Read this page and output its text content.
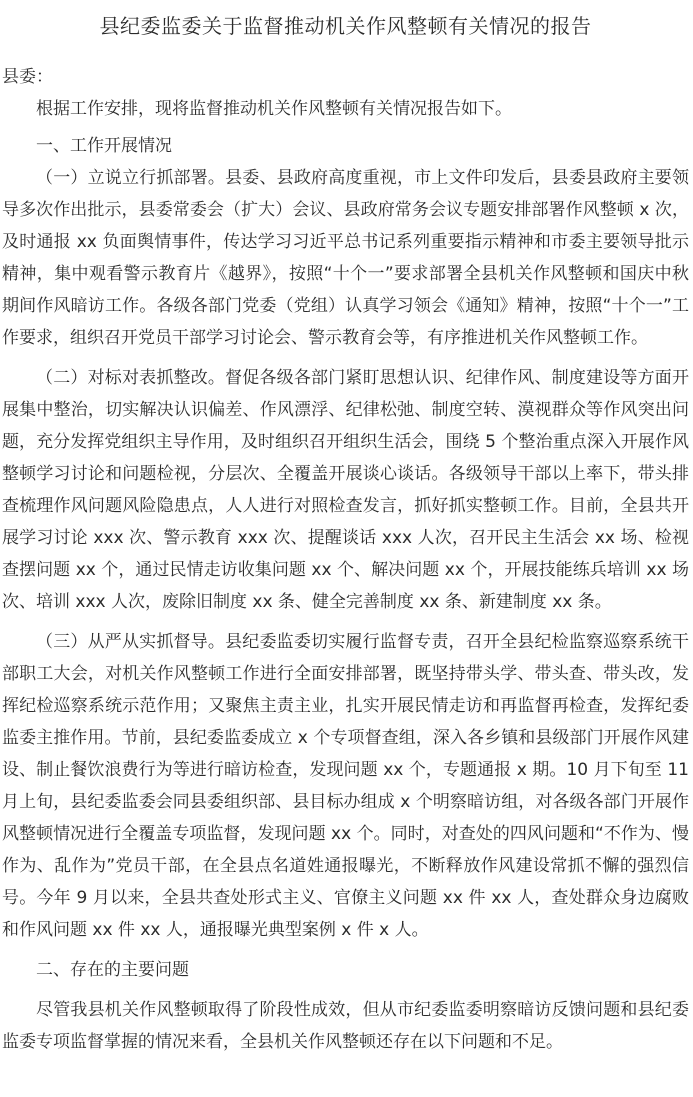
县纪委监委关于监督推动机关作风整顿有关情况的报告
县委：

根据工作安排，现将监督推动机关作风整顿有关情况报告如下。

一、工作开展情况

（一）立说立行抓部署。县委、县政府高度重视，市上文件印发后，县委县政府主要领导多次作出批示，县委常委会（扩大）会议、县政府常务会议专题安排部署作风整顿 x 次，及时通报 xx 负面舆情事件，传达学习习近平总书记系列重要指示精神和市委主要领导批示精神，集中观看警示教育片《越界》，按照“十个一”要求部署全县机关作风整顿和国庆中秋期间作风暗访工作。各级各部门党委（党组）认真学习领会《通知》精神，按照“十个一”工作要求，组织召开党员干部学习讨论会、警示教育会等，有序推进机关作风整顿工作。

（二）对标对表抓整改。督促各级各部门紧盯思想认识、纪律作风、制度建设等方面开展集中整治，切实解决认识偏差、作风漂浮、纪律松弛、制度空转、漠视群众等作风突出问题，充分发挥党组织主导作用，及时组织召开组织生活会，围绕 5 个整治重点深入开展作风整顿学习讨论和问题检视，分层次、全覆盖开展谈心谈话。各级领导干部以上率下，带头排查梳理作风问题风险隐患点，人人进行对照检查发言，抓好抓实整顿工作。目前，全县共开展学习讨论 xxx 次、警示教育 xxx 次、提醒谈话 xxx 人次，召开民主生活会 xx 场、检视查摆问题 xx 个，通过民情走访收集问题 xx 个、解决问题 xx 个，开展技能练兵培训 xx 场次、培训 xxx 人次，废除旧制度 xx 条、健全完善制度 xx 条、新建制度 xx 条。

（三）从严从实抓督导。县纪委监委切实履行监督专责，召开全县纪检监察巡察系统干部职工大会，对机关作风整顿工作进行全面安排部署，既坚持带头学、带头查、带头改，发挥纪检巡察系统示范作用；又聚焦主责主业，扎实开展民情走访和再监督再检查，发挥纪委监委主推作用。节前，县纪委监委成立 x 个专项督查组，深入各乡镇和县级部门开展作风建设、制止餐饮浪费行为等进行暗访检查，发现问题 xx 个，专题通报 x 期。10 月下旬至 11 月上旬，县纪委监委会同县委组织部、县目标办组成 x 个明察暗访组，对各级各部门开展作风整顿情况进行全覆盖专项监督，发现问题 xx 个。同时，对查处的四风问题和“不作为、慢作为、乱作为”党员干部，在全县点名道姓通报曝光，不断释放作风建设常抓不懈的强烈信号。今年 9 月以来，全县共查处形式主义、官僚主义问题 xx 件 xx 人，查处群众身边腐败和作风问题 xx 件 xx 人，通报曝光典型案例 x 件 x 人。

二、存在的主要问题

尽管我县机关作风整顿取得了阶段性成效，但从市纪委监委明察暗访反馈问题和县纪委监委专项监督掌握的情况来看，全县机关作风整顿还存在以下问题和不足。
